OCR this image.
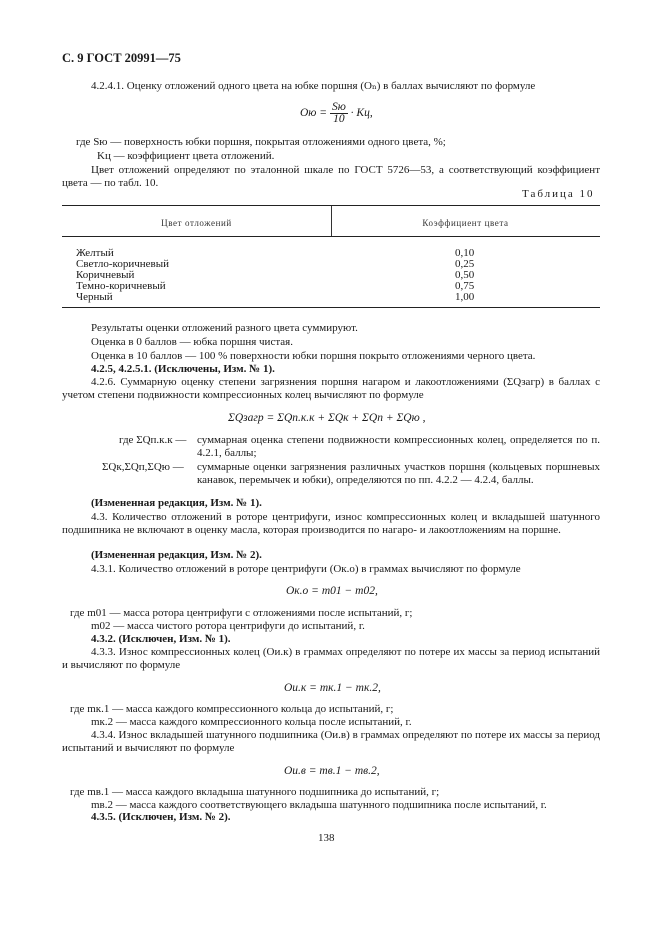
С. 9 ГОСТ 20991—75
4.2.4.1. Оценку отложений одного цвета на юбке поршня (Оₙ) в баллах вычисляют по формуле
Oю = $\frac{Sю}{10}$ · Kц,
где Sю — поверхность юбки поршня, покрытая отложениями одного цвета, %;
Kц — коэффициент цвета отложений.
Цвет отложений определяют по эталонной шкале по ГОСТ 5726—53, а соответствующий коэффициент цвета — по табл. 10.
Таблица 10
Цвет отложений	Коэффициент цвета
Желтый	0,10
Светло-коричневый	0,25
Коричневый	0,50
Темно-коричневый	0,75
Черный	1,00
Результаты оценки отложений разного цвета суммируют.
Оценка в 0 баллов — юбка поршня чистая.
Оценка в 10 баллов — 100 % поверхности юбки поршня покрыто отложениями черного цвета.
4.2.5, 4.2.5.1. (Исключены, Изм. № 1).
4.2.6. Суммарную оценку степени загрязнения поршня нагаром и лакоотложениями (ΣQзагр) в баллах с учетом степени подвижности компрессионных колец вычисляют по формуле
ΣQзагр = ΣQп.к.к + ΣQк + ΣQп + ΣQю ,
где ΣQп.к.к — суммарная оценка степени подвижности компрессионных колец, определяется по п. 4.2.1, баллы;
ΣQк,ΣQп,ΣQю — суммарные оценки загрязнения различных участков поршня (кольцевых поршневых канавок, перемычек и юбки), определяются по пп. 4.2.2 — 4.2.4, баллы.
(Измененная редакция, Изм. № 1).
4.3. Количество отложений в роторе центрифуги, износ компрессионных колец и вкладышей шатунного подшипника не включают в оценку масла, которая производится по нагаро- и лакоотложениям на поршне.
(Измененная редакция, Изм. № 2).
4.3.1. Количество отложений в роторе центрифуги (Oк.о) в граммах вычисляют по формуле
Oк.о = m01 − m02,
где m01 — масса ротора центрифуги с отложениями после испытаний, г;
m02 — масса чистого ротора центрифуги до испытаний, г.
4.3.2. (Исключен, Изм. № 1).
4.3.3. Износ компрессионных колец (Oи.к) в граммах определяют по потере их массы за период испытаний и вычисляют по формуле
Oи.к = mк.1 − mк.2,
где mк.1 — масса каждого компрессионного кольца до испытаний, г;
mк.2 — масса каждого компрессионного кольца после испытаний, г.
4.3.4. Износ вкладышей шатунного подшипника (Oи.в) в граммах определяют по потере их массы за период испытаний и вычисляют по формуле
Oи.в = mв.1 − mв.2,
где mв.1 — масса каждого вкладыша шатунного подшипника до испытаний, г;
mв.2 — масса каждого соответствующего вкладыша шатунного подшипника после испытаний, г.
4.3.5. (Исключен, Изм. № 2).
138
